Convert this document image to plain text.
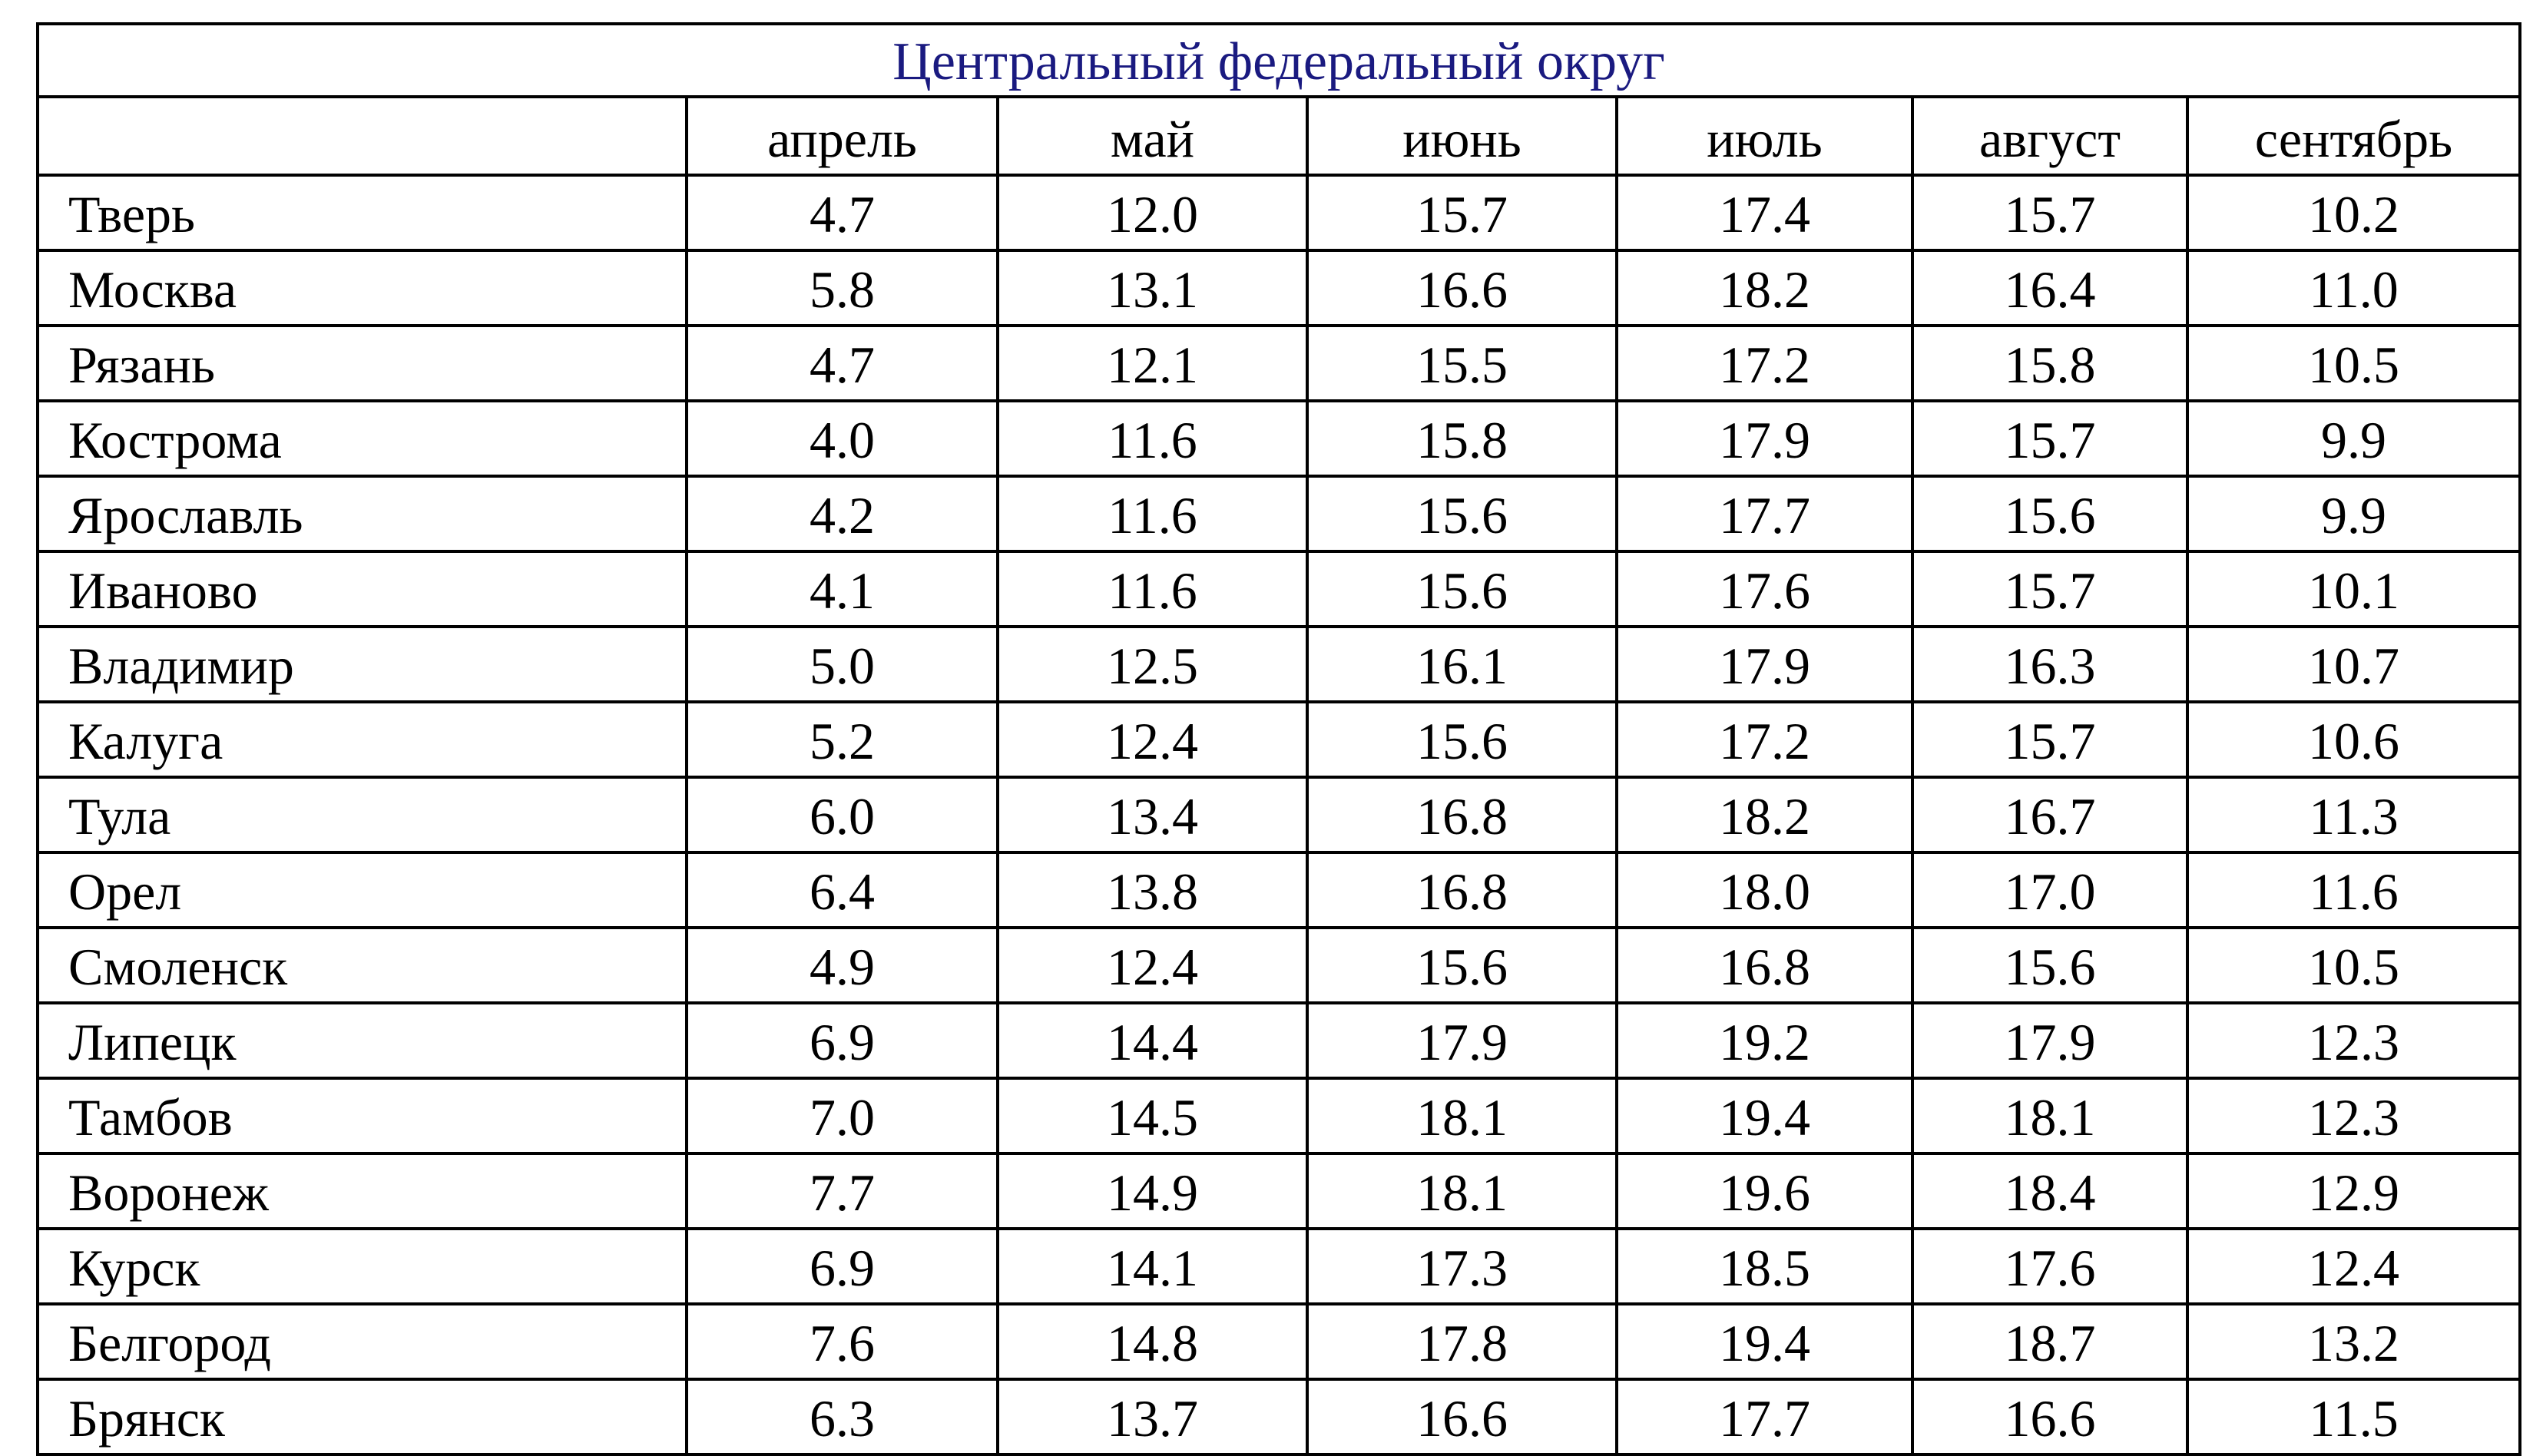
Центральный федеральный округ						
	апрель	май	июнь	июль	август	сентябрь
Тверь	4.7	12.0	15.7	17.4	15.7	10.2
Москва	5.8	13.1	16.6	18.2	16.4	11.0
Рязань	4.7	12.1	15.5	17.2	15.8	10.5
Кострома	4.0	11.6	15.8	17.9	15.7	9.9
Ярославль	4.2	11.6	15.6	17.7	15.6	9.9
Иваново	4.1	11.6	15.6	17.6	15.7	10.1
Владимир	5.0	12.5	16.1	17.9	16.3	10.7
Калуга	5.2	12.4	15.6	17.2	15.7	10.6
Тула	6.0	13.4	16.8	18.2	16.7	11.3
Орел	6.4	13.8	16.8	18.0	17.0	11.6
Смоленск	4.9	12.4	15.6	16.8	15.6	10.5
Липецк	6.9	14.4	17.9	19.2	17.9	12.3
Тамбов	7.0	14.5	18.1	19.4	18.1	12.3
Воронеж	7.7	14.9	18.1	19.6	18.4	12.9
Курск	6.9	14.1	17.3	18.5	17.6	12.4
Белгород	7.6	14.8	17.8	19.4	18.7	13.2
Брянск	6.3	13.7	16.6	17.7	16.6	11.5
